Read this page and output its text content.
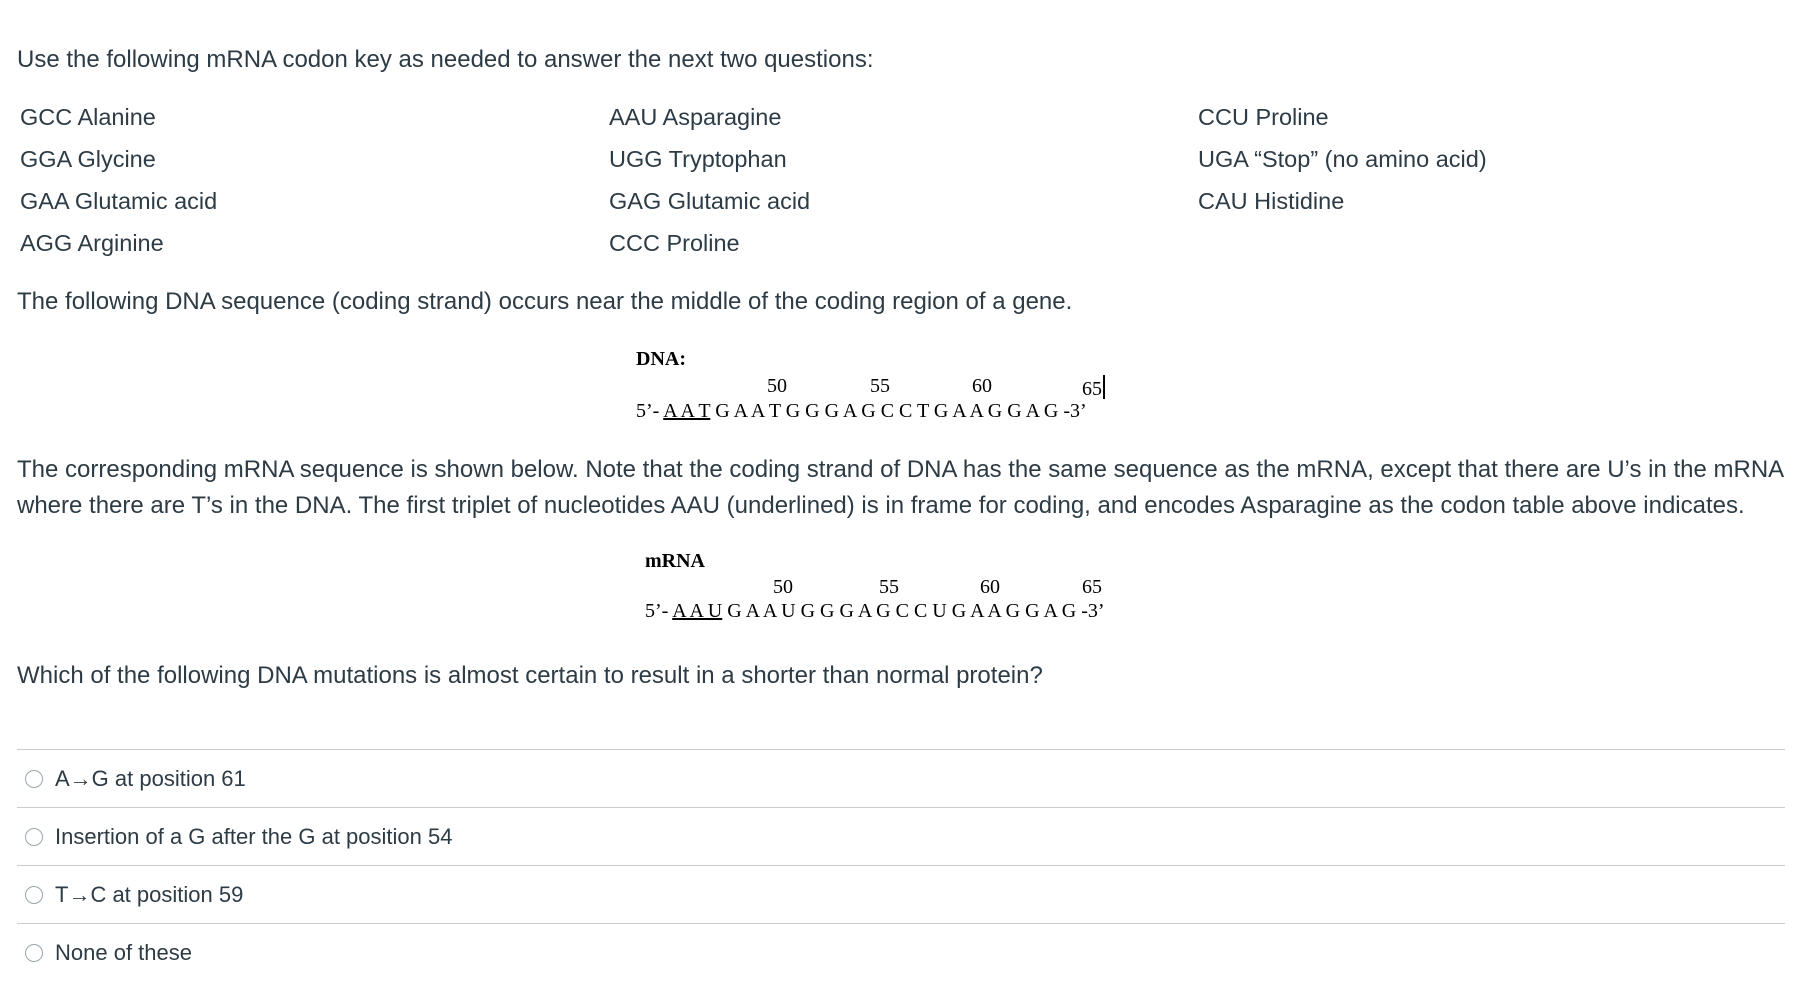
Use the following mRNA codon key as needed to answer the next two questions:
GCC Alanine	AAU Asparagine	CCU Proline
GGA Glycine	UGG Tryptophan	UGA “Stop” (no amino acid)
GAA Glutamic acid	GAG Glutamic acid	CAU Histidine
AGG Arginine	CCC Proline
The following DNA sequence (coding strand) occurs near the middle of the coding region of a gene.
DNA:
50	55	60	65
5’- A A T G A A T G G G A G C C T G A A G G A G -3’
The corresponding mRNA sequence is shown below. Note that the coding strand of DNA has the same sequence as the mRNA, except that there are U’s in the mRNA where there are T’s in the DNA. The first triplet of nucleotides AAU (underlined) is in frame for coding, and encodes Asparagine as the codon table above indicates.
mRNA
50	55	60	65
5’- A A U G A A U G G G A G C C U G A A G G A G -3’
Which of the following DNA mutations is almost certain to result in a shorter than normal protein?
A→G at position 61
Insertion of a G after the G at position 54
T→C at position 59
None of these
